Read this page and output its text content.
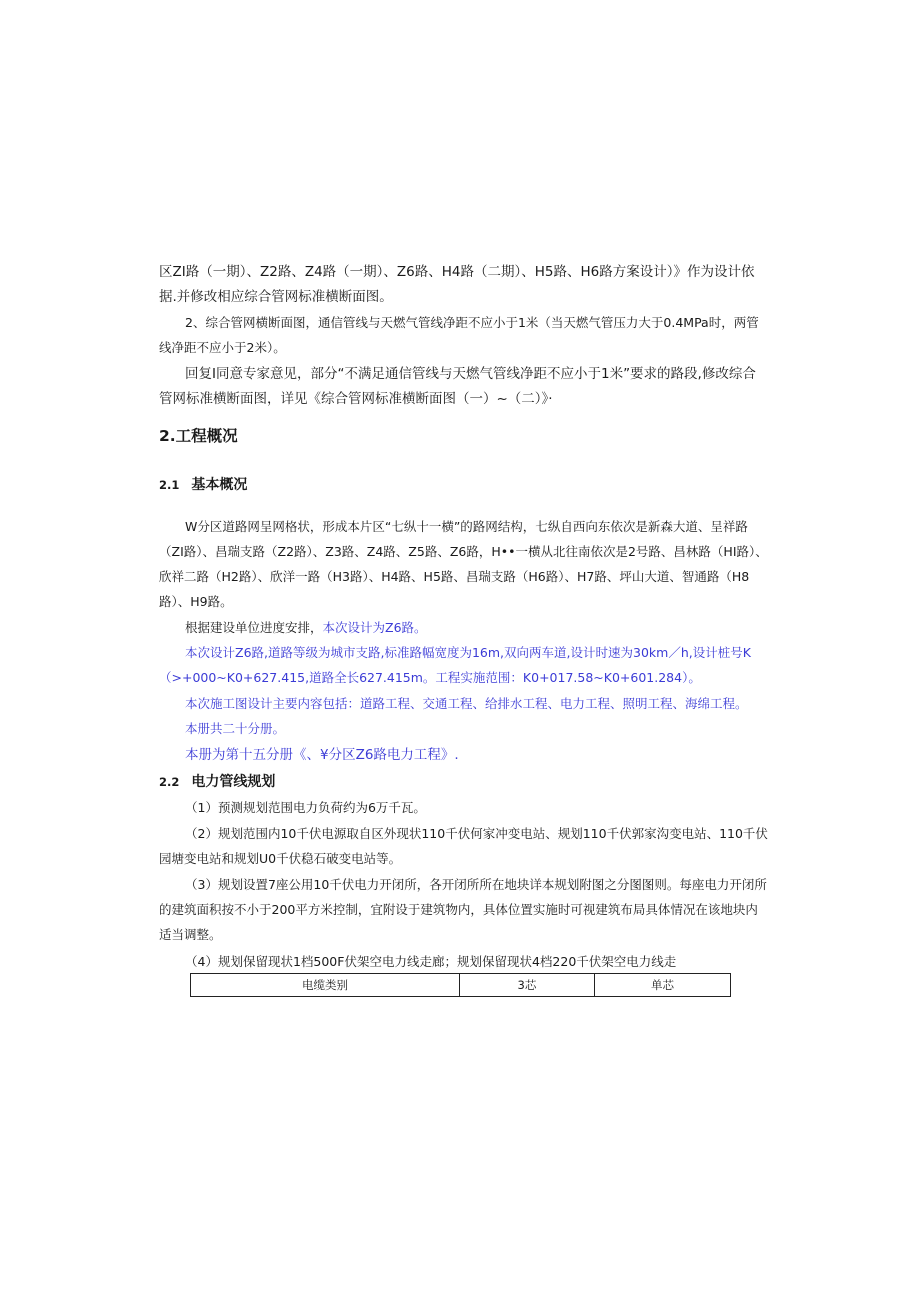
区ZI路（一期）、Z2路、Z4路（一期）、Z6路、H4路（二期）、H5路、H6路方案设计）》作为设计依据.并修改相应综合管网标准横断面图。

2、综合管网横断面图，通信管线与天燃气管线净距不应小于1米（当天燃气管压力大于0.4MPa时，两管线净距不应小于2米）。

回复I同意专家意见，部分“不满足通信管线与天燃气管线净距不应小于1米”要求的路段,修改综合管网标准横断面图，详见《综合管网标准横断面图（一）~（二）》·

2.工程概况
2.1 基本概况

W分区道路网呈网格状，形成本片区“七纵十一横”的路网结构，七纵自西向东依次是新森大道、呈祥路（ZI路）、昌瑞支路（Z2路）、Z3路、Z4路、Z5路、Z6路，H••一横从北往南依次是2号路、昌林路（HI路）、欣祥二路（H2路）、欣洋一路（H3路）、H4路、H5路、昌瑞支路（H6路）、H7路、坪山大道、智通路（H8路）、H9路。

根据建设单位进度安排，本次设计为Z6路。

本次设计Z6路,道路等级为城市支路,标准路幅宽度为16m,双向两车道,设计时速为30km／h,设计桩号K（>+000~K0+627.415,道路全长627.415m。工程实施范围：K0+017.58~K0+601.284）。

本次施工图设计主要内容包括：道路工程、交通工程、给排水工程、电力工程、照明工程、海绵工程。

本册共二十分册。

本册为第十五分册《、¥分区Z6路电力工程》.

2.2 电力管线规划

（1）预测规划范围电力负荷约为6万千瓦。

（2）规划范围内10千伏电源取自区外现状110千伏何家冲变电站、规划110千伏郭家沟变电站、110千伏园塘变电站和规划U0千伏稳石破变电站等。

（3）规划设置7座公用10千伏电力开闭所，各开闭所所在地块详本规划附图之分图图则。每座电力开闭所的建筑面积按不小于200平方米控制，宜附设于建筑物内，具体位置实施时可视建筑布局具体情况在该地块内适当调整。

（4）规划保留现状1档500F伏架空电力线走廊；规划保留现状4档220千伏架空电力线走

电缆类别	3芯	单芯
